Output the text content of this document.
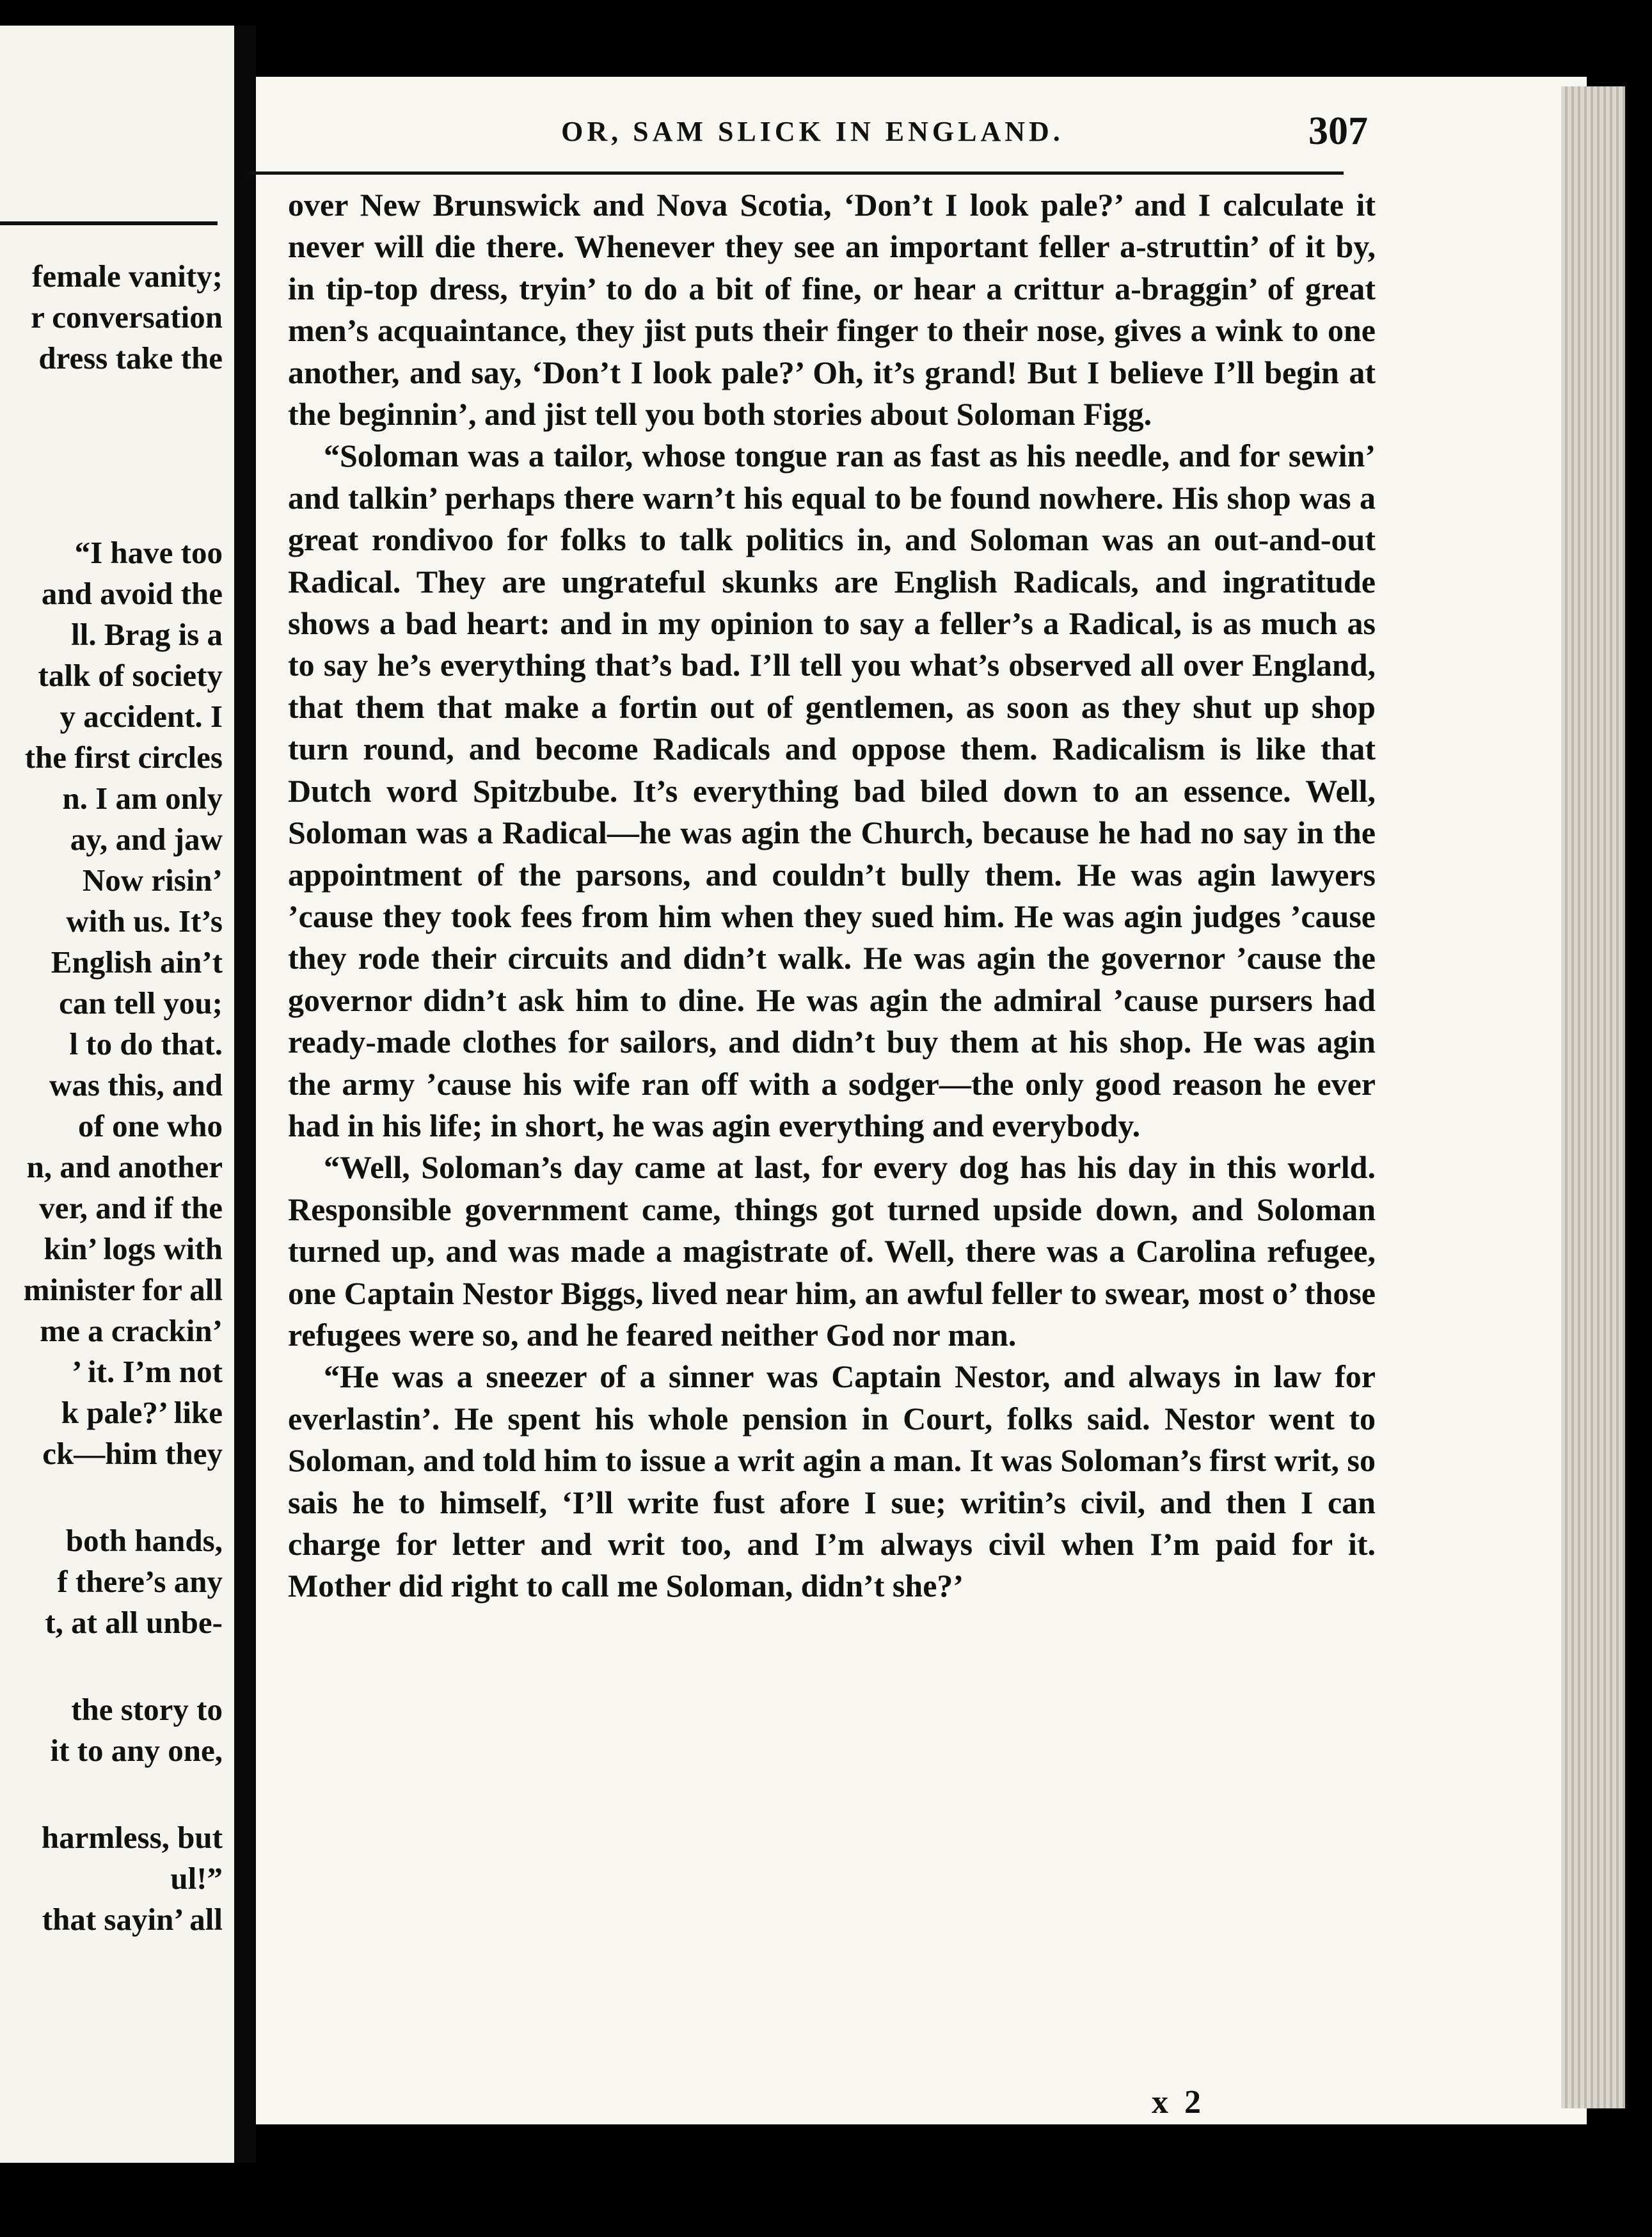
female vanity;
r conversation
dress take the
“I have too
and avoid the
ll. Brag is a
talk of society
y accident. I
the first circles
n. I am only
ay, and jaw
Now risin’
with us. It’s
English ain’t
can tell you;
l to do that.
was this, and
of one who
n, and another
ver, and if the
kin’ logs with
minister for all
me a crackin’
’ it. I’m not
k pale?’ like
ck—him they
both hands,
f there’s any
t, at all unbe-
the story to
it to any one,
harmless, but
ul!”
that sayin’ all
OR, SAM SLICK IN ENGLAND.	307

over New Brunswick and Nova Scotia, ‘Don’t I look pale?’ and I calculate it never will die there. Whenever they see an important feller a-struttin’ of it by, in tip-top dress, tryin’ to do a bit of fine, or hear a crittur a-braggin’ of great men’s acquaintance, they jist puts their finger to their nose, gives a wink to one another, and say, ‘Don’t I look pale?’ Oh, it’s grand! But I believe I’ll begin at the beginnin’, and jist tell you both stories about Soloman Figg.

“Soloman was a tailor, whose tongue ran as fast as his needle, and for sewin’ and talkin’ perhaps there warn’t his equal to be found nowhere. His shop was a great rondivoo for folks to talk politics in, and Soloman was an out-and-out Radical. They are ungrateful skunks are English Radicals, and ingratitude shows a bad heart: and in my opinion to say a feller’s a Radical, is as much as to say he’s everything that’s bad. I’ll tell you what’s observed all over England, that them that make a fortin out of gentlemen, as soon as they shut up shop turn round, and become Radicals and oppose them. Radicalism is like that Dutch word Spitzbube. It’s everything bad biled down to an essence. Well, Soloman was a Radical—he was agin the Church, because he had no say in the appointment of the parsons, and couldn’t bully them. He was agin lawyers ’cause they took fees from him when they sued him. He was agin judges ’cause they rode their circuits and didn’t walk. He was agin the governor ’cause the governor didn’t ask him to dine. He was agin the admiral ’cause pursers had ready-made clothes for sailors, and didn’t buy them at his shop. He was agin the army ’cause his wife ran off with a sodger—the only good reason he ever had in his life; in short, he was agin everything and everybody.

“Well, Soloman’s day came at last, for every dog has his day in this world. Responsible government came, things got turned upside down, and Soloman turned up, and was made a magistrate of. Well, there was a Carolina refugee, one Captain Nestor Biggs, lived near him, an awful feller to swear, most o’ those refugees were so, and he feared neither God nor man.

“He was a sneezer of a sinner was Captain Nestor, and always in law for everlastin’. He spent his whole pension in Court, folks said. Nestor went to Soloman, and told him to issue a writ agin a man. It was Soloman’s first writ, so sais he to himself, ‘I’ll write fust afore I sue; writin’s civil, and then I can charge for letter and writ too, and I’m always civil when I’m paid for it. Mother did right to call me Soloman, didn’t she?’

x 2
